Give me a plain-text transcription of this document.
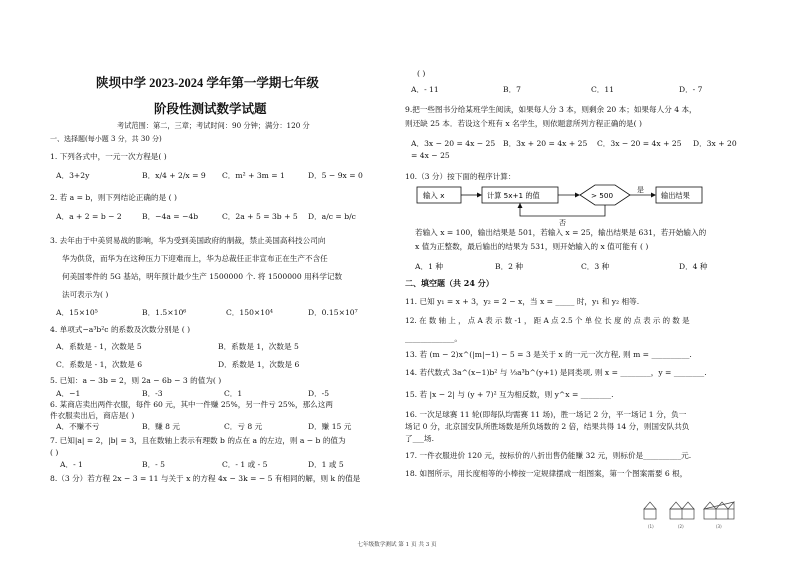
陕坝中学 2023-2024 学年第一学期七年级
阶段性测试数学试题
考试范围：第二，三章；考试时间：90 分钟；满分：120 分
一、选择题(每小题 3 分，共 30 分)
1. 下列各式中，一元一次方程是( )
A．3+2y	B．x/4 + 2/x = 9 C．m² + 3m = 1	D．5 − 9x = 0
2. 若 a = b，则下列结论正确的是 ( )
A．a + 2 = b − 2	B．−4a = −4b	C．2a + 5 = 3b + 5 D．a/c = b/c
3. 去年由于中美贸易战的影响，华为受到美国政府的制裁，禁止美国高科技公司向
华为供货，而华为在这种压力下迎难而上，华为总裁任正非宣布正在生产不含任
何美国零件的 5G 基站，明年预计最少生产 1500000 个. 将 1500000 用科学记数
法可表示为( )
A．15×10⁵	B．1.5×10⁶	C．150×10⁴	D．0.15×10⁷
4. 单项式−a³b²c 的系数及次数分别是 ( )
A．系数是 - 1，次数是 5	B．系数是 1，次数是 5
C．系数是 - 1，次数是 6	D．系数是 1，次数是 6
5. 已知：a − 3b = 2，则 2a − 6b − 3 的值为( )
A．−1	B．-3	C．1	D．-5
6. 某商店卖出两件衣服，每件 60 元，其中一件赚 25%，另一件亏 25%，那么这两
件衣服卖出后，商店是( )
A．不赚不亏	B．赚 8 元	C．亏 8 元	D．赚 15 元
7. 已知|a| = 2，|b| = 3，且在数轴上表示有理数 b 的点在 a 的左边，则 a − b 的值为
( )
A．- 1	B．- 5	C．- 1 或 - 5	D．1 或 5
8.（3 分）若方程 2x − 3 = 11 与关于 x 的方程 4x − 3k = − 5 有相同的解，则 k 的值是
( )
A．- 11	B．7	C．11	D．- 7
9.把一些图书分给某班学生阅读，如果每人分 3 本，则剩余 20 本；如果每人分 4 本，
则还缺 25 本．若设这个班有 x 名学生，则依题意所列方程正确的是( )
A．3x − 20 = 4x − 25 B．3x + 20 = 4x + 25 C．3x − 20 = 4x + 25 D．3x + 20
= 4x − 25
10.（3 分）按下面的程序计算：
输入 x	计算 5x+1 的值	> 500
是
输出结果
否
若输入 x = 100，输出结果是 501，若输入 x = 25，输出结果是 631，若开始输入的
x 值为正整数，最后输出的结果为 531，则开始输入的 x 值可能有 ( )
A．1 种	B．2 种	C．3 种	D．4 种
二、填空题（共 24 分）
11. 已知 y₁ = x + 3，y₂ = 2 − x，当 x = _____ 时，y₁ 和 y₂ 相等.
12. 在 数 轴 上 ， 点 A 表 示 数 -1 ， 距 A 点 2.5 个 单 位 长 度 的 点 表 示 的 数 是
_____________。
13. 若 (m − 2)x^(|m|−1) − 5 = 3 是关于 x 的一元一次方程, 则 m = __________.
14. 若代数式 3a^(x−1)b² 与 ⅓a³b^(y+1) 是同类项, 则 x = ________，y = ________.
15. 若 |x − 2| 与 (y + 7)² 互为相反数，则 y^x = ________.
16. 一次足球赛 11 轮(即每队均需赛 11 场)，胜一场记 2 分，平一场记 1 分，负一
场记 0 分，北京国安队所胜场数是所负场数的 2 倍，结果共得 14 分，则国安队共负
了___场.
17. 一件衣服进价 120 元，按标价的八折出售仍能赚 32 元，则标价是__________元.
18. 如图所示，用长度相等的小棒按一定规律摆成一组图案，第一个图案需要 6 根，
(1)	(2)	(3)
七年级数学测试 第 1 页 共 3 页
